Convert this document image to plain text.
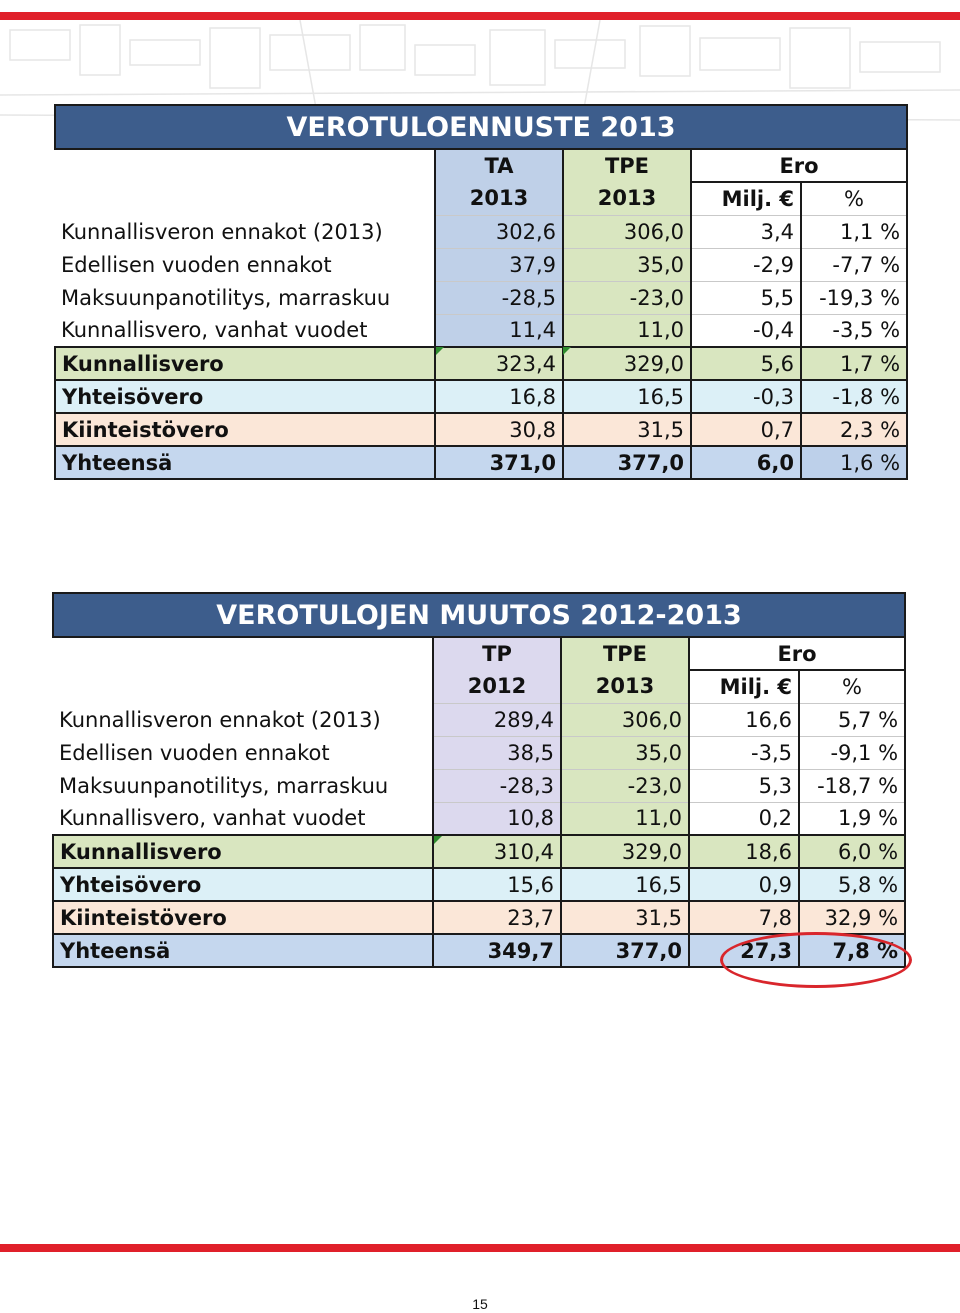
VEROTULOENNUSTE 2013				
	TA	TPE	Ero	
	2013	2013	Milj. €	%
Kunnallisveron ennakot (2013)	302,6	306,0	3,4	1,1 %
Edellisen vuoden ennakot	37,9	35,0	-2,9	-7,7 %
Maksuunpanotilitys, marraskuu	-28,5	-23,0	5,5	-19,3 %
Kunnallisvero, vanhat vuodet	11,4	11,0	-0,4	-3,5 %
Kunnallisvero	323,4	329,0	5,6	1,7 %
Yhteisövero	16,8	16,5	-0,3	-1,8 %
Kiinteistövero	30,8	31,5	0,7	2,3 %
Yhteensä	371,0	377,0	6,0	1,6 %
VEROTULOJEN MUUTOS 2012-2013				
	TP	TPE	Ero	
	2012	2013	Milj. €	%
Kunnallisveron ennakot (2013)	289,4	306,0	16,6	5,7 %
Edellisen vuoden ennakot	38,5	35,0	-3,5	-9,1 %
Maksuunpanotilitys, marraskuu	-28,3	-23,0	5,3	-18,7 %
Kunnallisvero, vanhat vuodet	10,8	11,0	0,2	1,9 %
Kunnallisvero	310,4	329,0	18,6	6,0 %
Yhteisövero	15,6	16,5	0,9	5,8 %
Kiinteistövero	23,7	31,5	7,8	32,9 %
Yhteensä	349,7	377,0	27,3	7,8 %
15
